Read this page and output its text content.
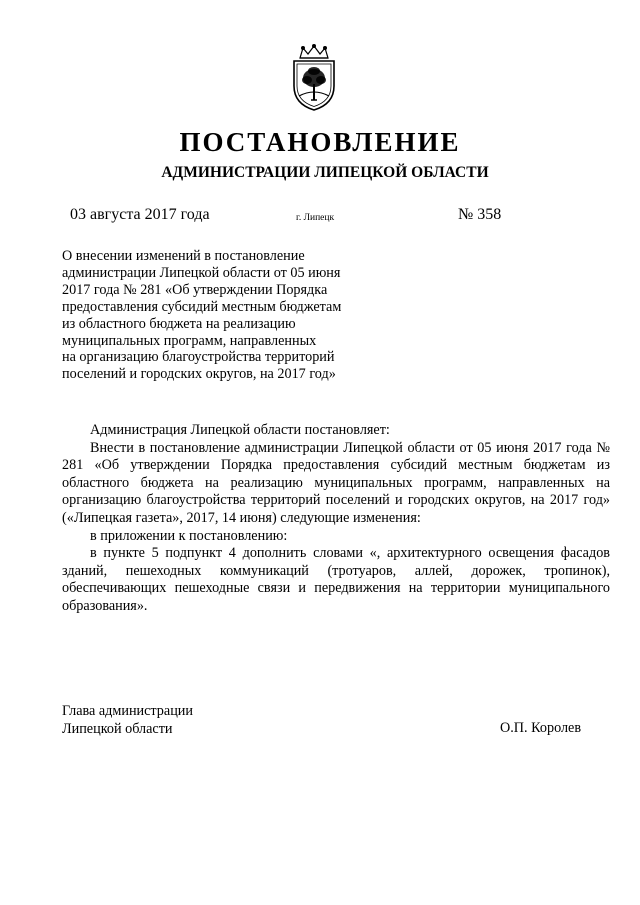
ПОСТАНОВЛЕНИЕ
АДМИНИСТРАЦИИ ЛИПЕЦКОЙ ОБЛАСТИ
03 августа 2017 года	г. Липецк	№ 358
О внесении изменений в постановление
администрации Липецкой области от 05 июня
2017 года № 281 «Об утверждении Порядка
предоставления субсидий местным бюджетам
из областного бюджета на реализацию
муниципальных программ, направленных
на организацию благоустройства территорий
поселений и городских округов, на 2017 год»

Администрация Липецкой области постановляет:

Внести в постановление администрации Липецкой области от 05 июня 2017 года № 281 «Об утверждении Порядка предоставления субсидий местным бюджетам из областного бюджета на реализацию муниципальных программ, направленных на организацию благоустройства территорий поселений и городских округов, на 2017 год» («Липецкая газета», 2017, 14 июня) следующие изменения:

в приложении к постановлению:

в пункте 5 подпункт 4 дополнить словами «, архитектурного освещения фасадов зданий, пешеходных коммуникаций (тротуаров, аллей, дорожек, тропинок), обеспечивающих пешеходные связи и передвижения на территории муниципального образования».

Глава администрации
Липецкой области	О.П. Королев
